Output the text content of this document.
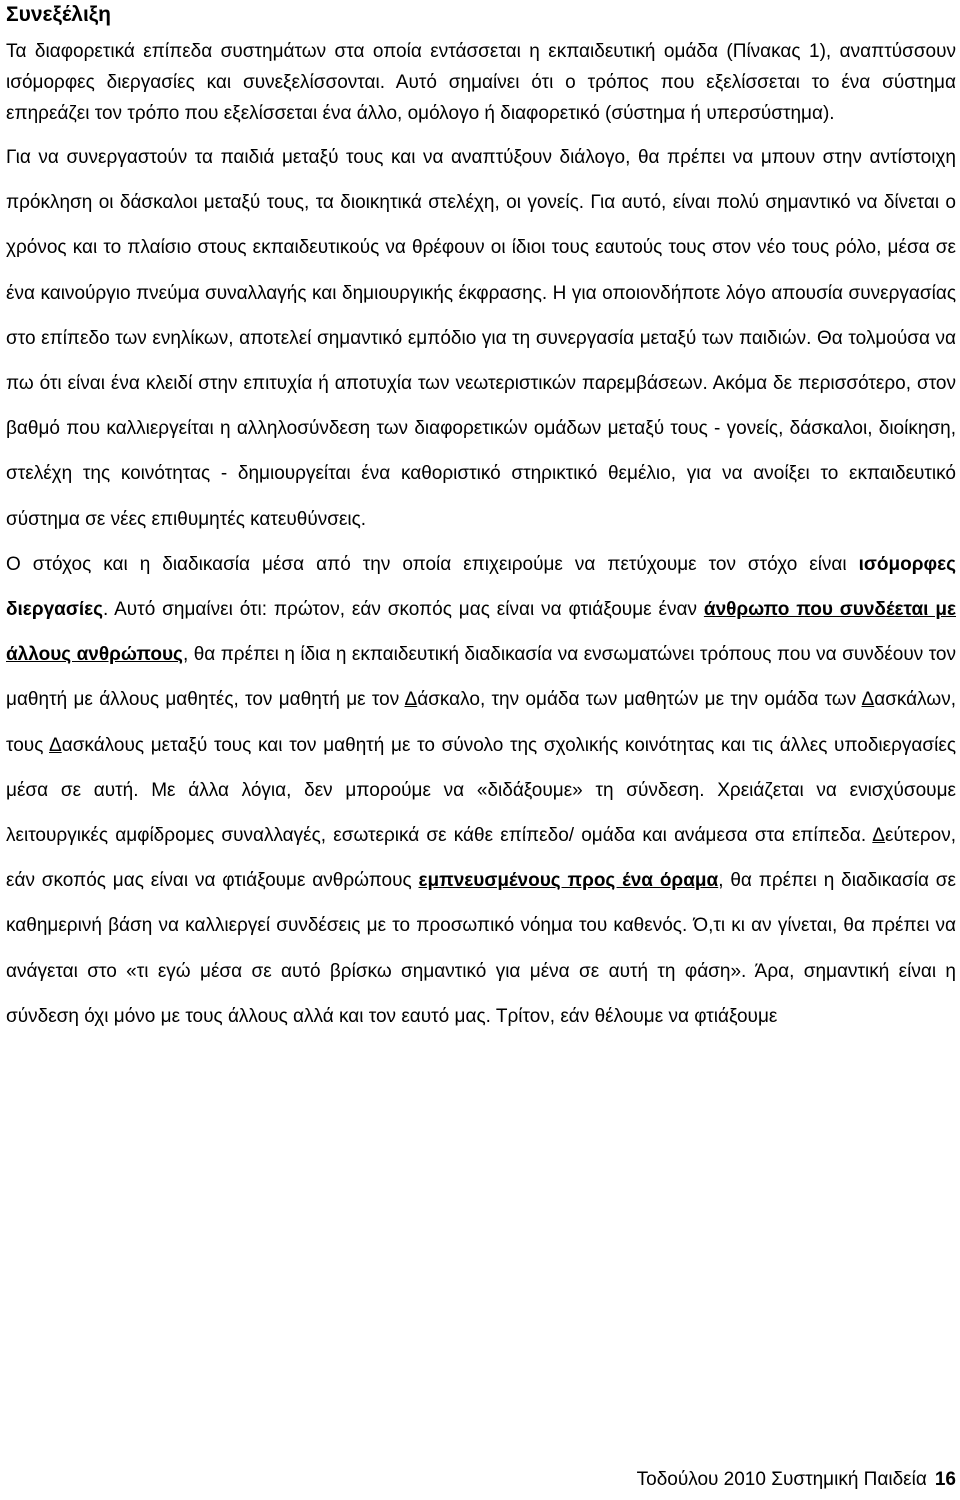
Συνεξέλιξη

Τα διαφορετικά επίπεδα συστημάτων στα οποία εντάσσεται η εκπαιδευτική ομάδα (Πίνακας 1), αναπτύσσουν ισόμορφες διεργασίες και συνεξελίσσονται. Αυτό σημαίνει ότι ο τρόπος που εξελίσσεται το ένα σύστημα επηρεάζει τον τρόπο που εξελίσσεται ένα άλλο, ομόλογο ή διαφορετικό (σύστημα ή υπερσύστημα).

Για να συνεργαστούν τα παιδιά μεταξύ τους και να αναπτύξουν διάλογο, θα πρέπει να μπουν στην αντίστοιχη πρόκληση οι δάσκαλοι μεταξύ τους, τα διοικητικά στελέχη, οι γονείς. Για αυτό, είναι πολύ σημαντικό να δίνεται ο χρόνος και το πλαίσιο στους εκπαιδευτικούς να θρέφουν οι ίδιοι τους εαυτούς τους στον νέο τους ρόλο, μέσα σε ένα καινούργιο πνεύμα συναλλαγής και δημιουργικής έκφρασης. Η για οποιονδήποτε λόγο απουσία συνεργασίας στο επίπεδο των ενηλίκων, αποτελεί σημαντικό εμπόδιο για τη συνεργασία μεταξύ των παιδιών. Θα τολμούσα να πω ότι είναι ένα κλειδί στην επιτυχία ή αποτυχία των νεωτεριστικών παρεμβάσεων. Ακόμα δε περισσότερο, στον βαθμό που καλλιεργείται η αλληλοσύνδεση των διαφορετικών ομάδων μεταξύ τους - γονείς, δάσκαλοι, διοίκηση, στελέχη της κοινότητας - δημιουργείται ένα καθοριστικό στηρικτικό θεμέλιο, για να ανοίξει το εκπαιδευτικό σύστημα σε νέες επιθυμητές κατευθύνσεις.

Ο στόχος και η διαδικασία μέσα από την οποία επιχειρούμε να πετύχουμε τον στόχο είναι ισόμορφες διεργασίες. Αυτό σημαίνει ότι: πρώτον, εάν σκοπός μας είναι να φτιάξουμε έναν άνθρωπο που συνδέεται με άλλους ανθρώπους, θα πρέπει η ίδια η εκπαιδευτική διαδικασία να ενσωματώνει τρόπους που να συνδέουν τον μαθητή με άλλους μαθητές, τον μαθητή με τον Δάσκαλο, την ομάδα των μαθητών με την ομάδα των Δασκάλων, τους Δασκάλους μεταξύ τους και τον μαθητή με το σύνολο της σχολικής κοινότητας και τις άλλες υποδιεργασίες μέσα σε αυτή. Με άλλα λόγια, δεν μπορούμε να «διδάξουμε» τη σύνδεση. Χρειάζεται να ενισχύσουμε λειτουργικές αμφίδρομες συναλλαγές, εσωτερικά σε κάθε επίπεδο/ ομάδα και ανάμεσα στα επίπεδα. Δεύτερον, εάν σκοπός μας είναι να φτιάξουμε ανθρώπους εμπνευσμένους προς ένα όραμα, θα πρέπει η διαδικασία σε καθημερινή βάση να καλλιεργεί συνδέσεις με το προσωπικό νόημα του καθενός. Ό,τι κι αν γίνεται, θα πρέπει να ανάγεται στο «τι εγώ μέσα σε αυτό βρίσκω σημαντικό για μένα σε αυτή τη φάση». Άρα, σημαντική είναι η σύνδεση όχι μόνο με τους άλλους αλλά και τον εαυτό μας. Τρίτον, εάν θέλουμε να φτιάξουμε

Τοδούλου 2010 Συστημική Παιδεία 16
